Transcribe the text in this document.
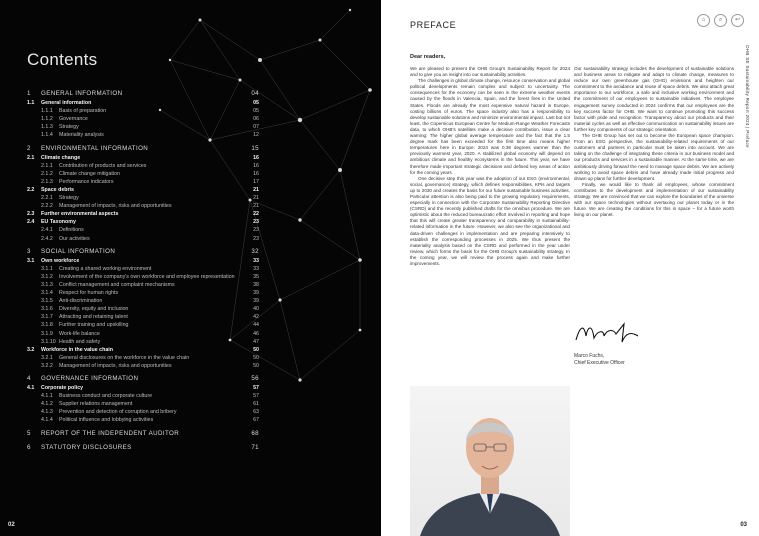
Contents
1 GENERAL INFORMATION	04
1.1 General information	05
1.1.1 Basis of preparation	05
1.1.2 Governance	06
1.1.3 Strategy	07
1.1.4 Materiality analysis	12
2 ENVIRONMENTAL INFORMATION	15
2.1 Climate change	16
2.1.1 Contribution of products and services	16
2.1.2 Climate change mitigation	16
2.1.3 Performance indicators	17
2.2 Space debris	21
2.2.1 Strategy	21
2.2.2 Management of impacts, risks and opportunities	21
2.3 Further environmental aspects	22
2.4 EU Taxonomy	23
2.4.1 Definitions	23
2.4.2 Our activities	23
3 SOCIAL INFORMATION	32
3.1 Own workforce	33
3.1.1 Creating a shared working environment	33
3.1.2 Involvement of the company's own workforce and employee representation	35
3.1.3 Conflict management and complaint mechanisms	38
3.1.4 Respect for human rights	39
3.1.5 Anti-discrimination	39
3.1.6 Diversity, equity and inclusion	40
3.1.7 Attracting and retaining talent	42
3.1.8 Further training and upskilling	44
3.1.9 Work-life balance	46
3.1.10 Health and safety	47
3.2 Workforce in the value chain	50
3.2.1 General disclosures on the workforce in the value chain	50
3.2.2 Management of impacts, risks and opportunities	50
4 GOVERNANCE INFORMATION	56
4.1 Corporate policy	57
4.1.1 Business conduct and corporate culture	57
4.1.2 Supplier relations management	61
4.1.3 Prevention and detection of corruption and bribery	63
4.1.4 Political influence and lobbying activities	67
5 REPORT OF THE INDEPENDENT AUDITOR	68
6 STATUTORY DISCLOSURES	71
02
PREFACE	⌂	⌕	↩
OHB SE Sustainability Report 2024 | Preface
Dear readers,

We are pleased to present the OHB Group's Sustainability Report for 2024 and to give you an insight into our sustainability activities.

The challenges in global climate change, resource conservation and global political developments remain complex and subject to uncertainty. The consequences for the economy can be seen in the extreme weather events caused by the floods in Valencia, Spain, and the forest fires in the United States. Floods are already the most expensive natural hazard in Europe, costing billions of euros. The space industry also has a responsibility to develop sustainable solutions and minimize environmental impact. Last but not least, the Copernicus European Centre for Medium-Range Weather Forecasts data, to which OHB's satellites make a decisive contribution, issue a clear warning: The higher global average temperature and the fact that the 1.5 degree mark has been exceeded for the first time also means higher temperatures here in Europe: 2024 was 0.38 degrees warmer than the previously warmest year, 2020. A stabilized global economy will depend on ambitious climate and healthy ecosystems in the future. This year, we have therefore made important strategic decisions and defined key areas of action for the coming years.

One decisive step this year was the adoption of our ESG (environmental, social, governance) strategy, which defines responsibilities, KPIs and targets up to 2030 and creates the basis for our future sustainable business activities. Particular attention is also being paid to the growing regulatory requirements, especially in connection with the Corporate Sustainability Reporting Directive (CSRD) and the recently published drafts for the omnibus procedure. We are optimistic about the reduced bureaucratic effort involved in reporting and hope that this will create greater transparency and comparability in sustainability-related information in the future. However, we also see the organizational and data-driven challenges in implementation and are preparing intensively to establish the corresponding processes in 2025. We thus present the materiality analysis based on the CSRD and performed in the year under review, which forms the basis for the OHB Group's sustainability strategy. In the coming year, we will review the process again and make further improvements.

Our sustainability strategy includes the development of sustainable solutions and business areas to mitigate and adapt to climate change, measures to reduce our own greenhouse gas (GHG) emissions and heighten our commitment to the avoidance and reuse of space debris. We also attach great importance to our workforce, a safe and inclusive working environment and the commitment of our employees to sustainable initiatives. The employee engagement survey conducted in 2024 confirms that our employees are the key success factor for OHB. We want to continue promoting this success factor with pride and recognition. Transparency about our products and their material cycles as well as effective communication on sustainability issues are further key components of our strategic orientation.

The OHB Group has set out to become the European space champion. From an ESG perspective, the sustainability-related requirements of our customers and partners in particular must be taken into account. We are taking on the challenge of integrating these criteria in our business model and our products and services in a sustainable manner. At the same time, we are ambitiously driving forward the need to manage space debris. We are actively working to avoid space debris and have already made initial progress and drawn up plans for further development.

Finally, we would like to thank all employees, whose commitment contributes to the development and implementation of our sustainability strategy. We are convinced that we can explore the boundaries of the universe with our space technologies without overtaxing our planet today or in the future. We are creating the conditions for this in space – for a future worth living on our planet.

Marco Fuchs,
Chief Executive Officer
03
